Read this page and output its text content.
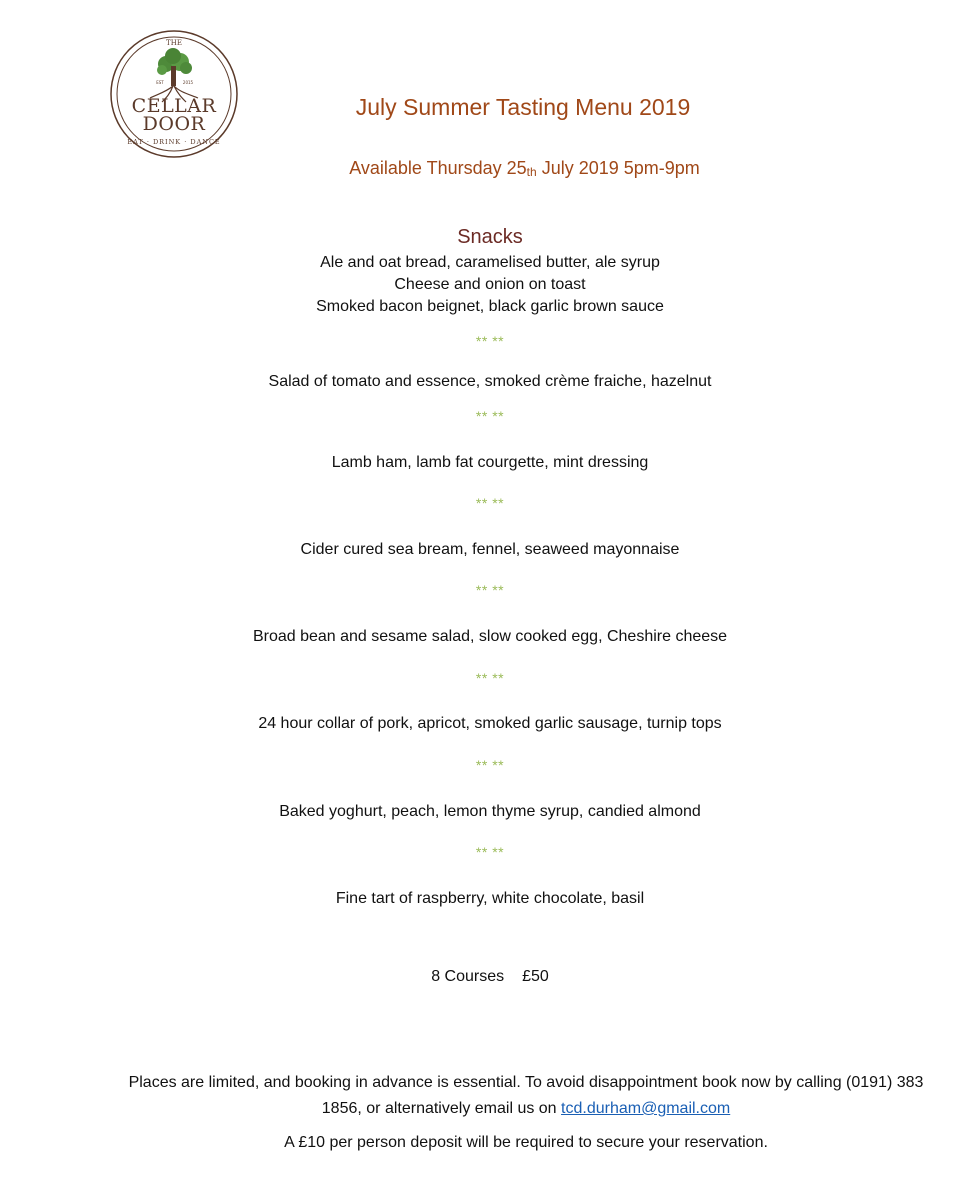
THE
EST	2015
CELLAR
DOOR
EAT · DRINK · DANCE
July Summer Tasting Menu 2019
Available Thursday $25_{th}$ July 2019 5pm-9pm
Snacks
Ale and oat bread, caramelised butter, ale syrup
Cheese and onion on toast
Smoked bacon beignet, black garlic brown sauce
** **
Salad of tomato and essence, smoked crème fraiche, hazelnut
** **
Lamb ham, lamb fat courgette, mint dressing
** **
Cider cured sea bream, fennel, seaweed mayonnaise
** **
Broad bean and sesame salad, slow cooked egg, Cheshire cheese
** **
24 hour collar of pork, apricot, smoked garlic sausage, turnip tops
** **
Baked yoghurt, peach, lemon thyme syrup, candied almond
** **
Fine tart of raspberry, white chocolate, basil
8 Courses £50
Places are limited, and booking in advance is essential. To avoid disappointment book now by calling (0191) 383 1856, or alternatively email us on tcd.durham@gmail.com
A £10 per person deposit will be required to secure your reservation.
